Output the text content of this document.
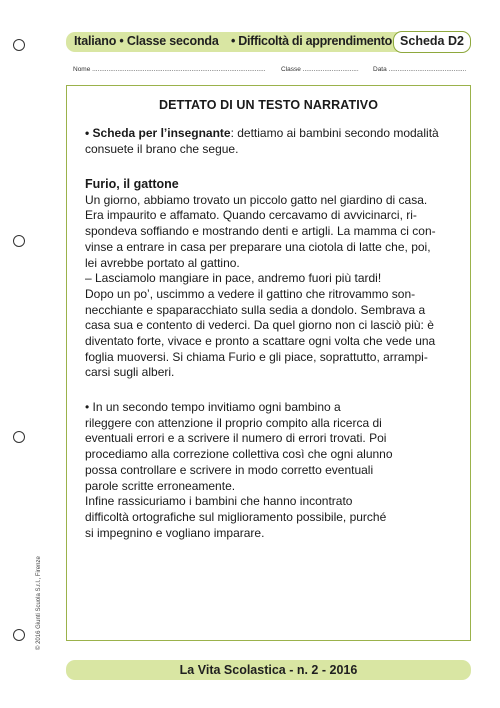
Italiano • Classe seconda • Difficoltà di apprendimento Scheda D2
Nome ................................................................................................ Classe ............................... Data ...........................................
DETTATO DI UN TESTO NARRATIVO

• Scheda per l’insegnante: dettiamo ai bambini secondo modalità consuete il brano che segue.

Furio, il gattone

Un giorno, abbiamo trovato un piccolo gatto nel giardino di casa.

Era impaurito e affamato. Quando cercavamo di avvicinarci, ri-

spondeva soffiando e mostrando denti e artigli. La mamma ci con-

vinse a entrare in casa per preparare una ciotola di latte che, poi,

lei avrebbe portato al gattino.

– Lasciamolo mangiare in pace, andremo fuori più tardi!

Dopo un po’, uscimmo a vedere il gattino che ritrovammo son-

necchiante e spaparacchiato sulla sedia a dondolo. Sembrava a

casa sua e contento di vederci. Da quel giorno non ci lasciò più: è

diventato forte, vivace e pronto a scattare ogni volta che vede una

foglia muoversi. Si chiama Furio e gli piace, soprattutto, arrampi-

carsi sugli alberi.

• In un secondo tempo invitiamo ogni bambino a

rileggere con attenzione il proprio compito alla ricerca di

eventuali errori e a scrivere il numero di errori trovati. Poi

procediamo alla correzione collettiva così che ogni alunno

possa controllare e scrivere in modo corretto eventuali

parole scritte erroneamente.

Infine rassicuriamo i bambini che hanno incontrato

difficoltà ortografiche sul miglioramento possibile, purché

si impegnino e vogliano imparare.

© 2016 Giunti Scuola S.r.l., Firenze
La Vita Scolastica - n. 2 - 2016
